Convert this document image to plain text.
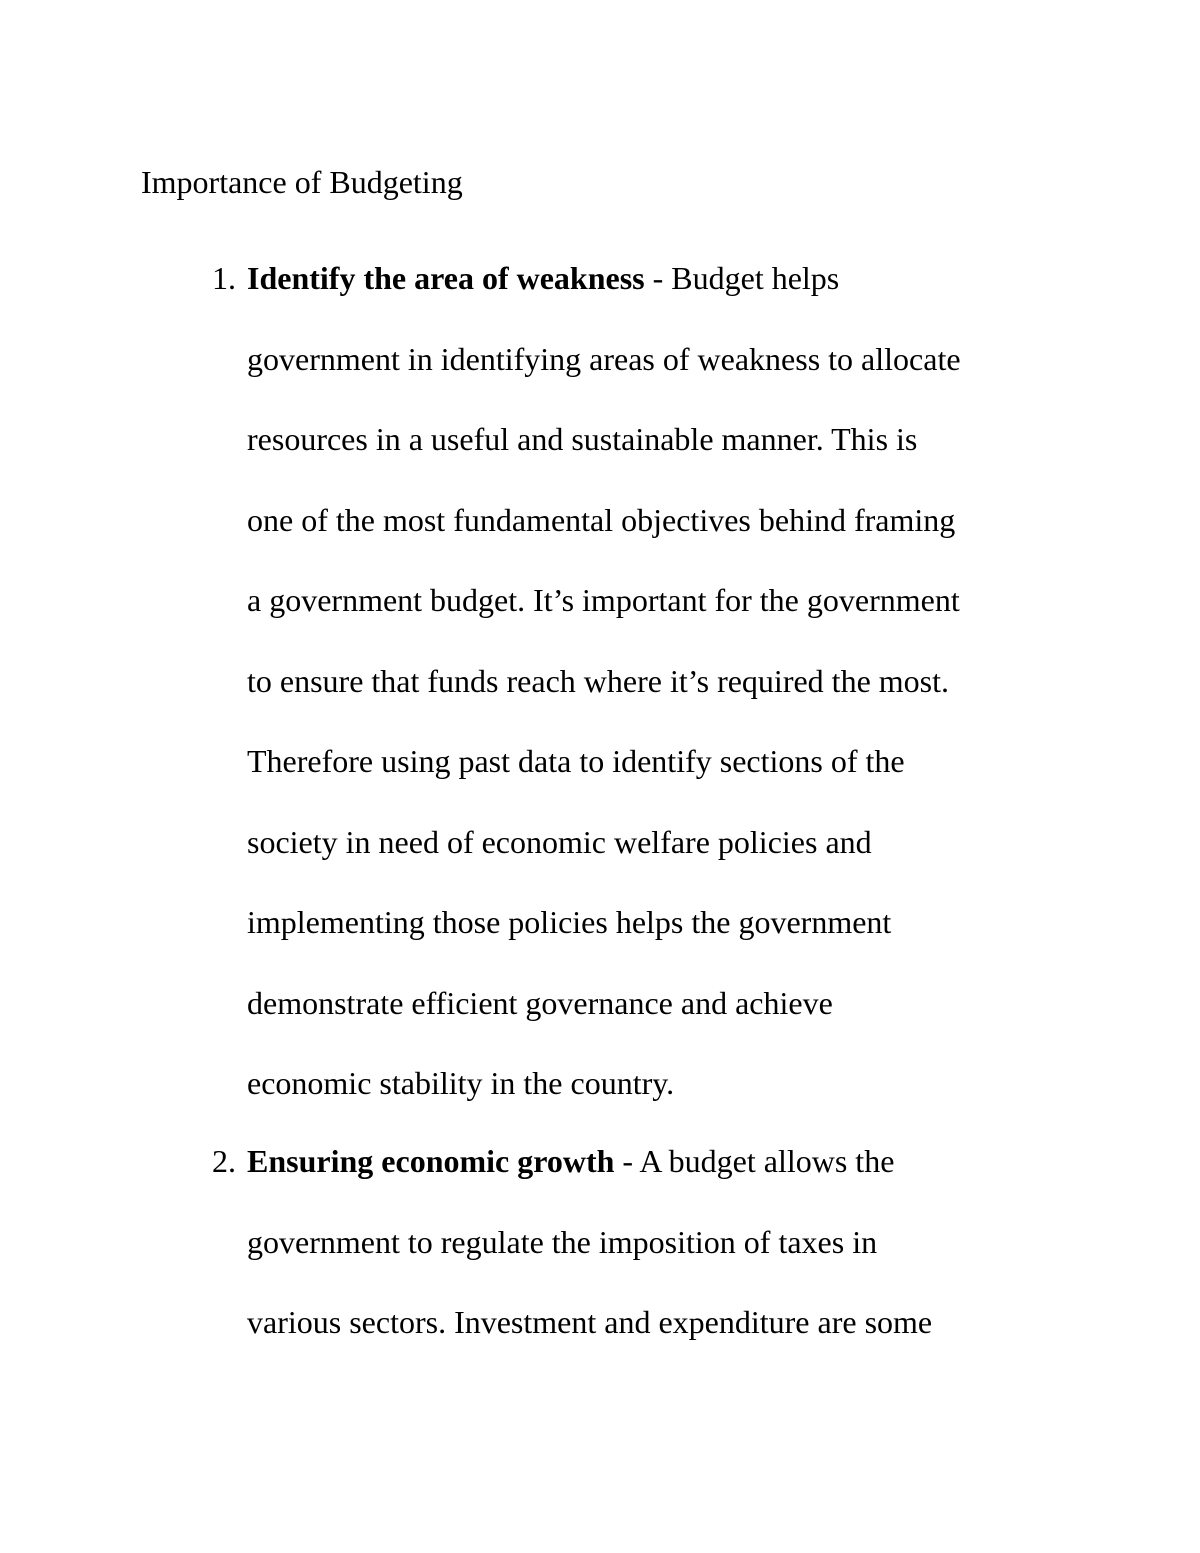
Importance of Budgeting
1. Identify the area of weakness - Budget helps
government in identifying areas of weakness to allocate
resources in a useful and sustainable manner. This is
one of the most fundamental objectives behind framing
a government budget. It’s important for the government
to ensure that funds reach where it’s required the most.
Therefore using past data to identify sections of the
society in need of economic welfare policies and
implementing those policies helps the government
demonstrate efficient governance and achieve
economic stability in the country.
2. Ensuring economic growth - A budget allows the
government to regulate the imposition of taxes in
various sectors. Investment and expenditure are some
